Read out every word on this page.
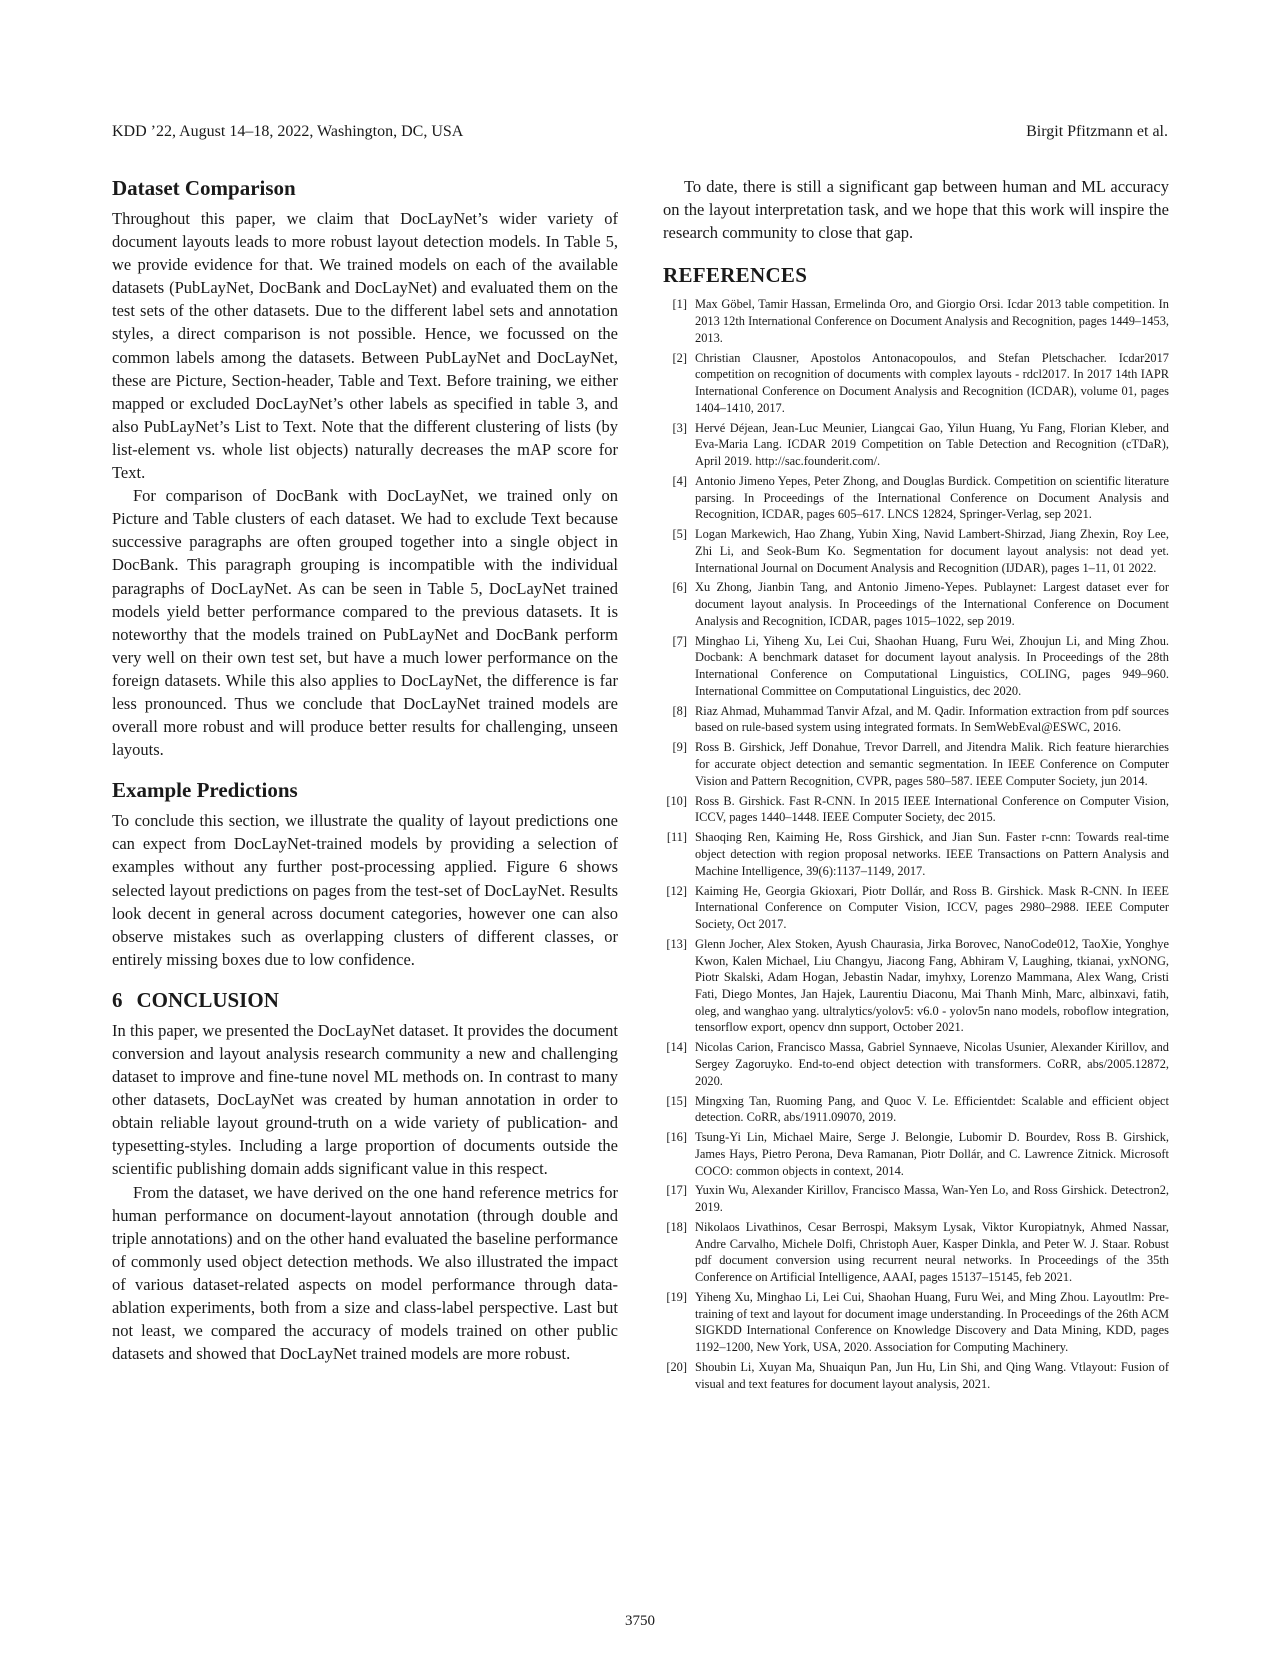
KDD ’22, August 14–18, 2022, Washington, DC, USA	Birgit Pfitzmann et al.
Dataset Comparison

Throughout this paper, we claim that DocLayNet’s wider variety of document layouts leads to more robust layout detection models. In Table 5, we provide evidence for that. We trained models on each of the available datasets (PubLayNet, DocBank and DocLayNet) and evaluated them on the test sets of the other datasets. Due to the different label sets and annotation styles, a direct comparison is not possible. Hence, we focussed on the common labels among the datasets. Between PubLayNet and DocLayNet, these are Picture, Section-header, Table and Text. Before training, we either mapped or excluded DocLayNet’s other labels as specified in table 3, and also PubLayNet’s List to Text. Note that the different clustering of lists (by list-element vs. whole list objects) naturally decreases the mAP score for Text.

For comparison of DocBank with DocLayNet, we trained only on Picture and Table clusters of each dataset. We had to exclude Text because successive paragraphs are often grouped together into a single object in DocBank. This paragraph grouping is incompatible with the individual paragraphs of DocLayNet. As can be seen in Table 5, DocLayNet trained models yield better performance compared to the previous datasets. It is noteworthy that the models trained on PubLayNet and DocBank perform very well on their own test set, but have a much lower performance on the foreign datasets. While this also applies to DocLayNet, the difference is far less pronounced. Thus we conclude that DocLayNet trained models are overall more robust and will produce better results for challenging, unseen layouts.

Example Predictions

To conclude this section, we illustrate the quality of layout predictions one can expect from DocLayNet-trained models by providing a selection of examples without any further post-processing applied. Figure 6 shows selected layout predictions on pages from the test-set of DocLayNet. Results look decent in general across document categories, however one can also observe mistakes such as overlapping clusters of different classes, or entirely missing boxes due to low confidence.

6 CONCLUSION

In this paper, we presented the DocLayNet dataset. It provides the document conversion and layout analysis research community a new and challenging dataset to improve and fine-tune novel ML methods on. In contrast to many other datasets, DocLayNet was created by human annotation in order to obtain reliable layout ground-truth on a wide variety of publication- and typesetting-styles. Including a large proportion of documents outside the scientific publishing domain adds significant value in this respect.

From the dataset, we have derived on the one hand reference metrics for human performance on document-layout annotation (through double and triple annotations) and on the other hand evaluated the baseline performance of commonly used object detection methods. We also illustrated the impact of various dataset-related aspects on model performance through data-ablation experiments, both from a size and class-label perspective. Last but not least, we compared the accuracy of models trained on other public datasets and showed that DocLayNet trained models are more robust.

To date, there is still a significant gap between human and ML accuracy on the layout interpretation task, and we hope that this work will inspire the research community to close that gap.

REFERENCES
[1] Max Göbel, Tamir Hassan, Ermelinda Oro, and Giorgio Orsi. Icdar 2013 table competition. In 2013 12th International Conference on Document Analysis and Recognition, pages 1449–1453, 2013.
[2] Christian Clausner, Apostolos Antonacopoulos, and Stefan Pletschacher. Icdar2017 competition on recognition of documents with complex layouts - rdcl2017. In 2017 14th IAPR International Conference on Document Analysis and Recognition (ICDAR), volume 01, pages 1404–1410, 2017.
[3] Hervé Déjean, Jean-Luc Meunier, Liangcai Gao, Yilun Huang, Yu Fang, Florian Kleber, and Eva-Maria Lang. ICDAR 2019 Competition on Table Detection and Recognition (cTDaR), April 2019. http://sac.founderit.com/.
[4] Antonio Jimeno Yepes, Peter Zhong, and Douglas Burdick. Competition on scientific literature parsing. In Proceedings of the International Conference on Document Analysis and Recognition, ICDAR, pages 605–617. LNCS 12824, Springer-Verlag, sep 2021.
[5] Logan Markewich, Hao Zhang, Yubin Xing, Navid Lambert-Shirzad, Jiang Zhexin, Roy Lee, Zhi Li, and Seok-Bum Ko. Segmentation for document layout analysis: not dead yet. International Journal on Document Analysis and Recognition (IJDAR), pages 1–11, 01 2022.
[6] Xu Zhong, Jianbin Tang, and Antonio Jimeno-Yepes. Publaynet: Largest dataset ever for document layout analysis. In Proceedings of the International Conference on Document Analysis and Recognition, ICDAR, pages 1015–1022, sep 2019.
[7] Minghao Li, Yiheng Xu, Lei Cui, Shaohan Huang, Furu Wei, Zhoujun Li, and Ming Zhou. Docbank: A benchmark dataset for document layout analysis. In Proceedings of the 28th International Conference on Computational Linguistics, COLING, pages 949–960. International Committee on Computational Linguistics, dec 2020.
[8] Riaz Ahmad, Muhammad Tanvir Afzal, and M. Qadir. Information extraction from pdf sources based on rule-based system using integrated formats. In SemWebEval@ESWC, 2016.
[9] Ross B. Girshick, Jeff Donahue, Trevor Darrell, and Jitendra Malik. Rich feature hierarchies for accurate object detection and semantic segmentation. In IEEE Conference on Computer Vision and Pattern Recognition, CVPR, pages 580–587. IEEE Computer Society, jun 2014.
[10] Ross B. Girshick. Fast R-CNN. In 2015 IEEE International Conference on Computer Vision, ICCV, pages 1440–1448. IEEE Computer Society, dec 2015.
[11] Shaoqing Ren, Kaiming He, Ross Girshick, and Jian Sun. Faster r-cnn: Towards real-time object detection with region proposal networks. IEEE Transactions on Pattern Analysis and Machine Intelligence, 39(6):1137–1149, 2017.
[12] Kaiming He, Georgia Gkioxari, Piotr Dollár, and Ross B. Girshick. Mask R-CNN. In IEEE International Conference on Computer Vision, ICCV, pages 2980–2988. IEEE Computer Society, Oct 2017.
[13] Glenn Jocher, Alex Stoken, Ayush Chaurasia, Jirka Borovec, NanoCode012, TaoXie, Yonghye Kwon, Kalen Michael, Liu Changyu, Jiacong Fang, Abhiram V, Laughing, tkianai, yxNONG, Piotr Skalski, Adam Hogan, Jebastin Nadar, imyhxy, Lorenzo Mammana, Alex Wang, Cristi Fati, Diego Montes, Jan Hajek, Laurentiu Diaconu, Mai Thanh Minh, Marc, albinxavi, fatih, oleg, and wanghao yang. ultralytics/yolov5: v6.0 - yolov5n nano models, roboflow integration, tensorflow export, opencv dnn support, October 2021.
[14] Nicolas Carion, Francisco Massa, Gabriel Synnaeve, Nicolas Usunier, Alexander Kirillov, and Sergey Zagoruyko. End-to-end object detection with transformers. CoRR, abs/2005.12872, 2020.
[15] Mingxing Tan, Ruoming Pang, and Quoc V. Le. Efficientdet: Scalable and efficient object detection. CoRR, abs/1911.09070, 2019.
[16] Tsung-Yi Lin, Michael Maire, Serge J. Belongie, Lubomir D. Bourdev, Ross B. Girshick, James Hays, Pietro Perona, Deva Ramanan, Piotr Dollár, and C. Lawrence Zitnick. Microsoft COCO: common objects in context, 2014.
[17] Yuxin Wu, Alexander Kirillov, Francisco Massa, Wan-Yen Lo, and Ross Girshick. Detectron2, 2019.
[18] Nikolaos Livathinos, Cesar Berrospi, Maksym Lysak, Viktor Kuropiatnyk, Ahmed Nassar, Andre Carvalho, Michele Dolfi, Christoph Auer, Kasper Dinkla, and Peter W. J. Staar. Robust pdf document conversion using recurrent neural networks. In Proceedings of the 35th Conference on Artificial Intelligence, AAAI, pages 15137–15145, feb 2021.
[19] Yiheng Xu, Minghao Li, Lei Cui, Shaohan Huang, Furu Wei, and Ming Zhou. Layoutlm: Pre-training of text and layout for document image understanding. In Proceedings of the 26th ACM SIGKDD International Conference on Knowledge Discovery and Data Mining, KDD, pages 1192–1200, New York, USA, 2020. Association for Computing Machinery.
[20] Shoubin Li, Xuyan Ma, Shuaiqun Pan, Jun Hu, Lin Shi, and Qing Wang. Vtlayout: Fusion of visual and text features for document layout analysis, 2021.
3750
